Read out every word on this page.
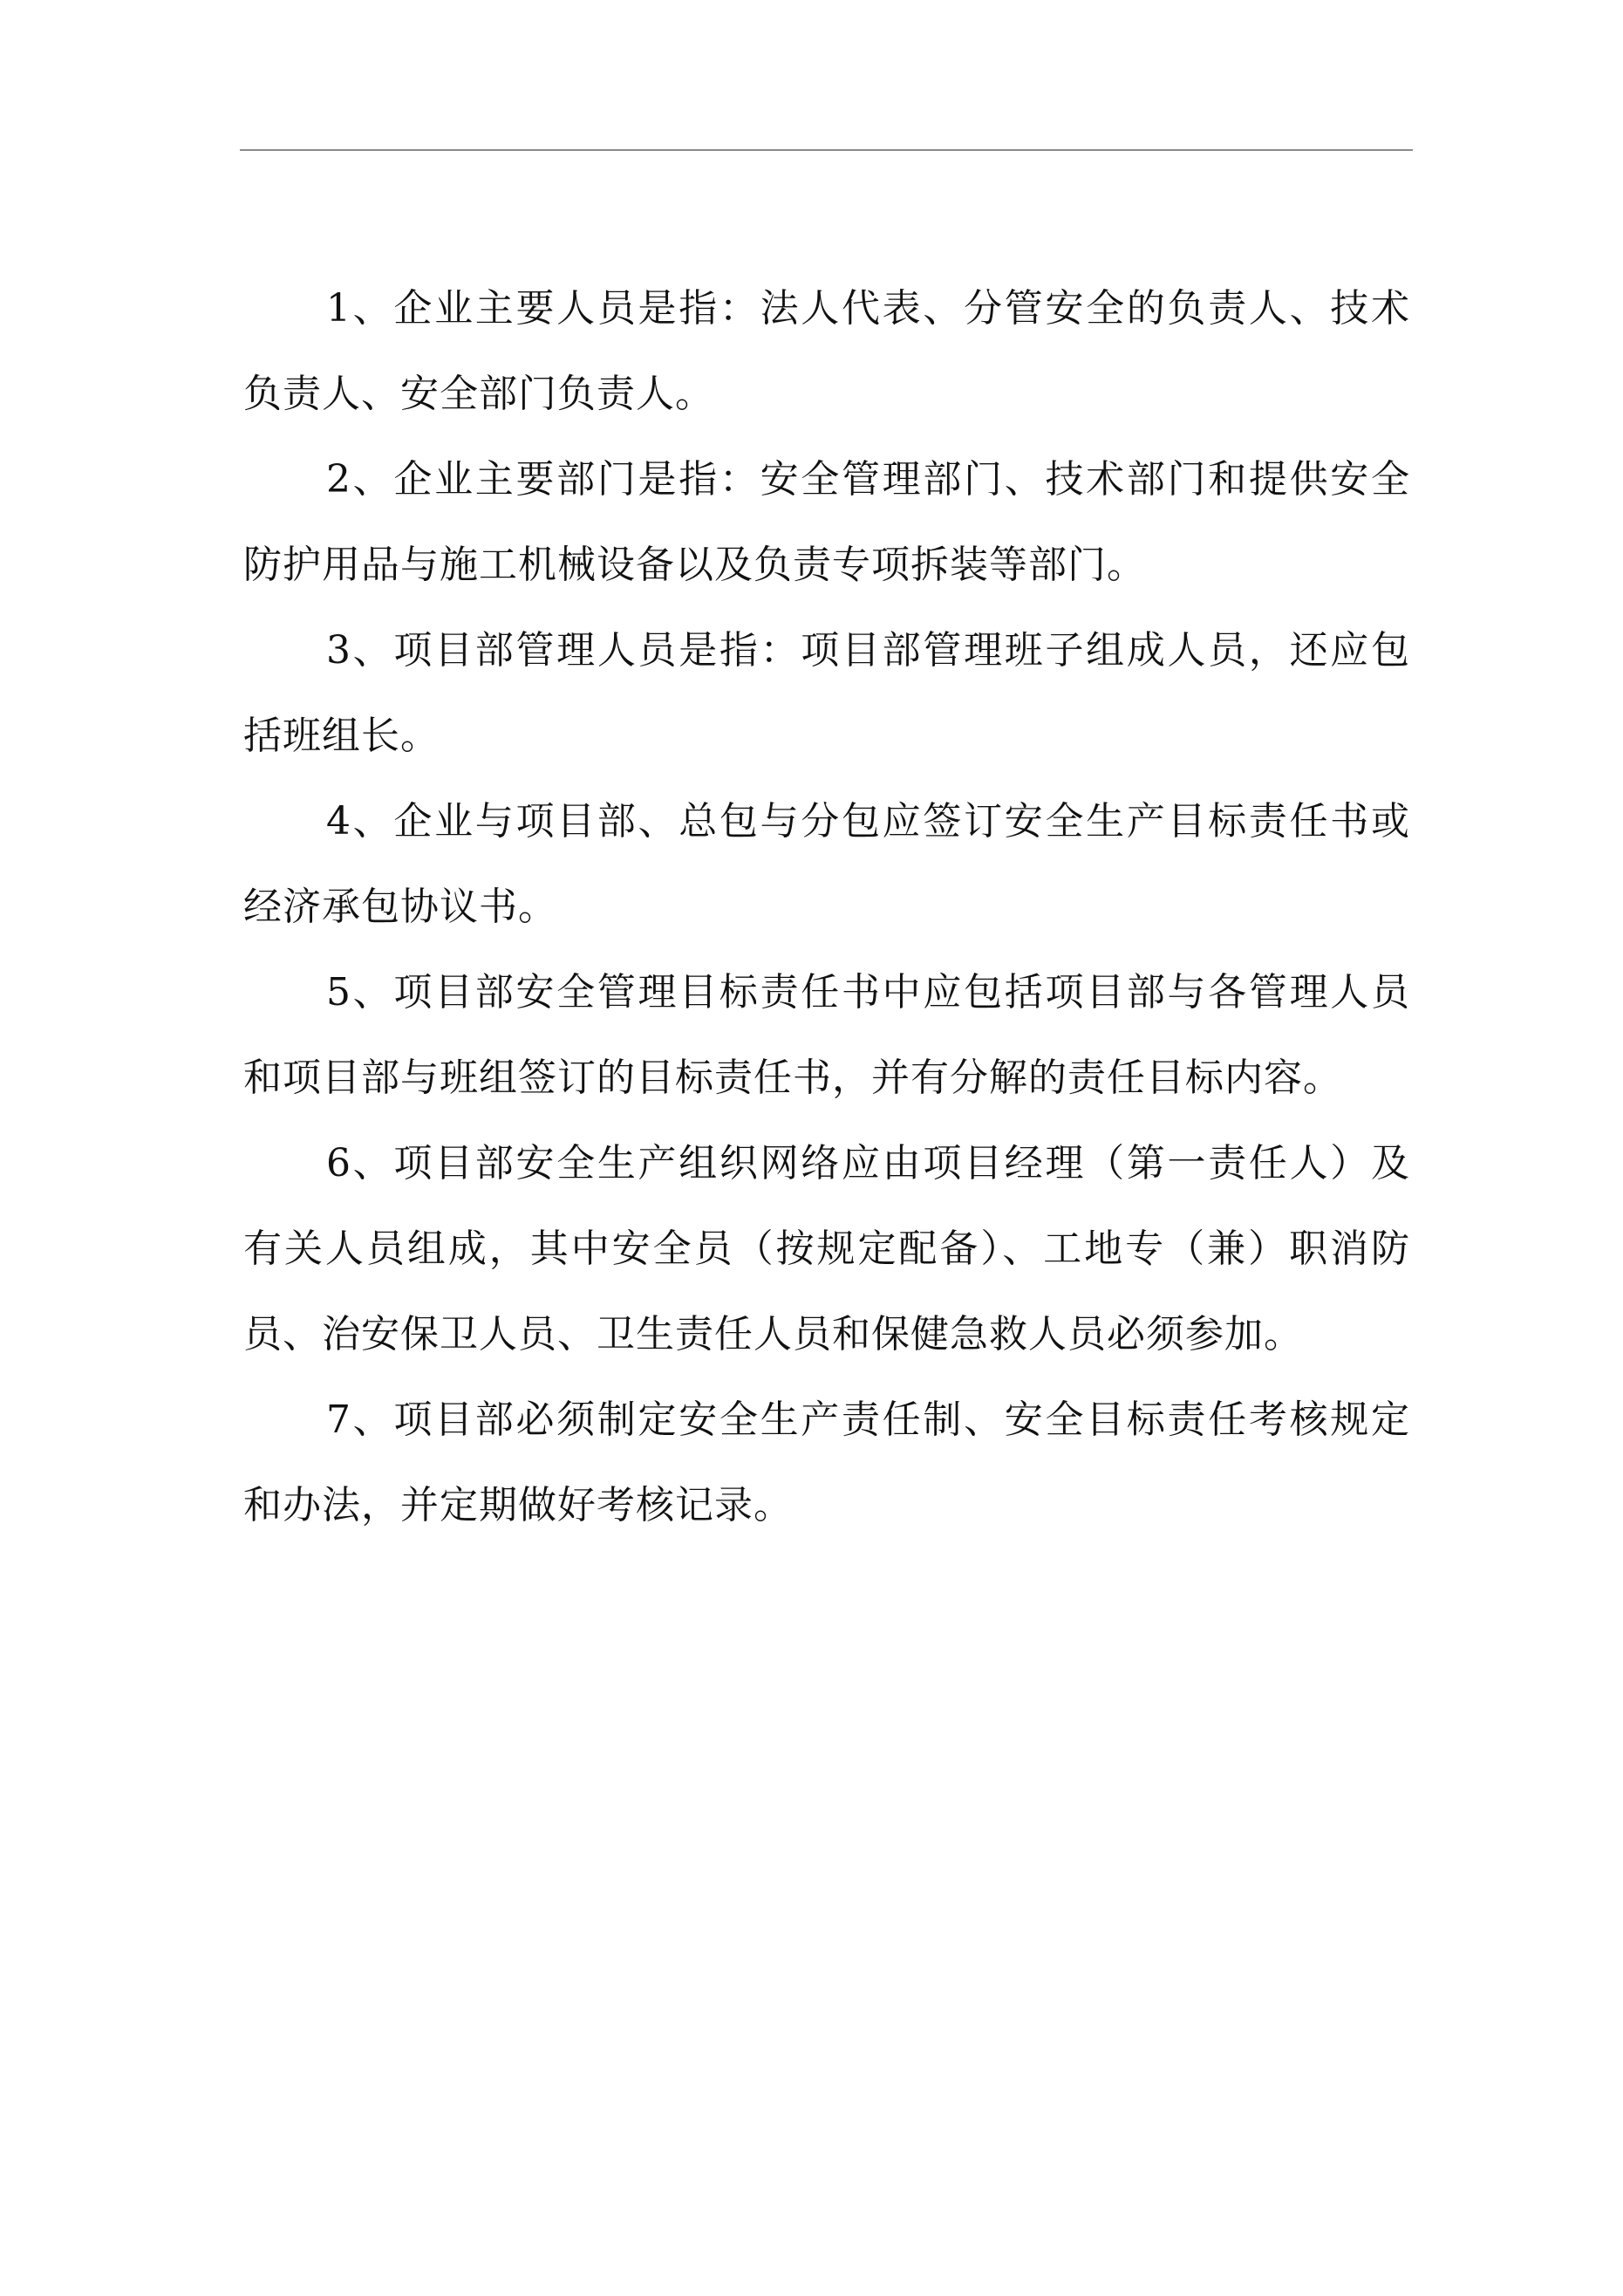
1、企业主要人员是指：法人代表、分管安全的负责人、技术负责人、安全部门负责人。

2、企业主要部门是指：安全管理部门、技术部门和提供安全防护用品与施工机械设备以及负责专项拆装等部门。

3、项目部管理人员是指：项目部管理班子组成人员，还应包括班组长。

4、企业与项目部、总包与分包应签订安全生产目标责任书或经济承包协议书。

5、项目部安全管理目标责任书中应包括项目部与各管理人员和项目部与班组签订的目标责任书，并有分解的责任目标内容。

6、项目部安全生产组织网络应由项目经理（第一责任人）及有关人员组成，其中安全员（按规定配备）、工地专（兼）职消防员、治安保卫人员、卫生责任人员和保健急救人员必须参加。

7、项目部必须制定安全生产责任制、安全目标责任考核规定和办法，并定期做好考核记录。
